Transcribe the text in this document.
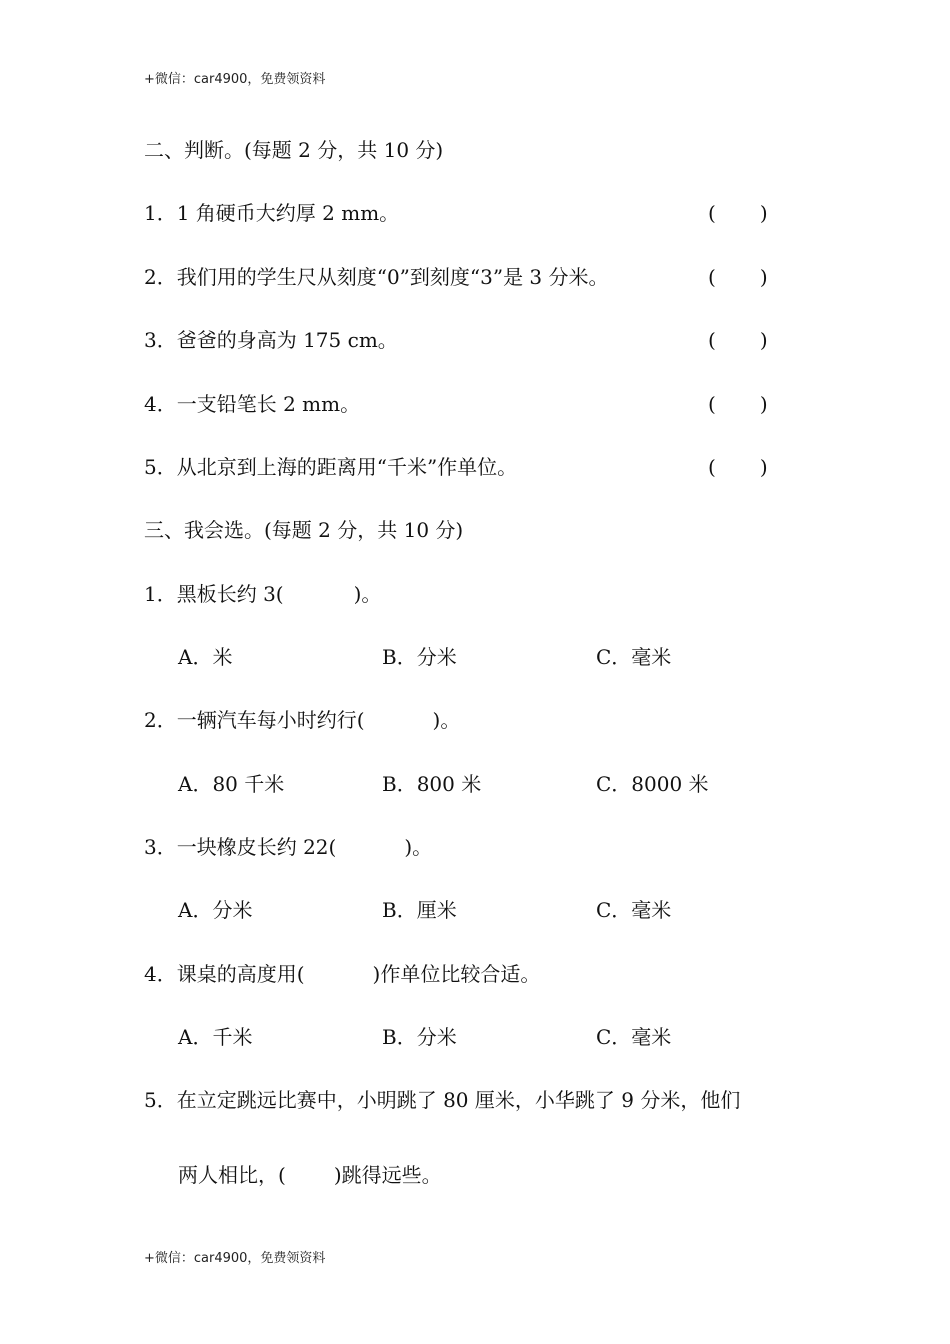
+微信：car4900，免费领资料
二、判断。(每题 2 分，共 10 分)
1．1 角硬币大约厚 2 mm。	( )
2．我们用的学生尺从刻度“0”到刻度“3”是 3 分米。	( )
3．爸爸的身高为 175 cm。	( )
4．一支铅笔长 2 mm。	( )
5．从北京到上海的距离用“千米”作单位。	( )
三、我会选。(每题 2 分，共 10 分)
1．黑板长约 3(	)。
A．米	B．分米	C．毫米
2．一辆汽车每小时约行(	)。
A．80 千米	B．800 米	C．8000 米
3．一块橡皮长约 22(	)。
A．分米	B．厘米	C．毫米
4．课桌的高度用(	)作单位比较合适。
A．千米	B．分米	C．毫米
5．在立定跳远比赛中，小明跳了 80 厘米，小华跳了 9 分米，他们
两人相比，( )跳得远些。
+微信：car4900，免费领资料
